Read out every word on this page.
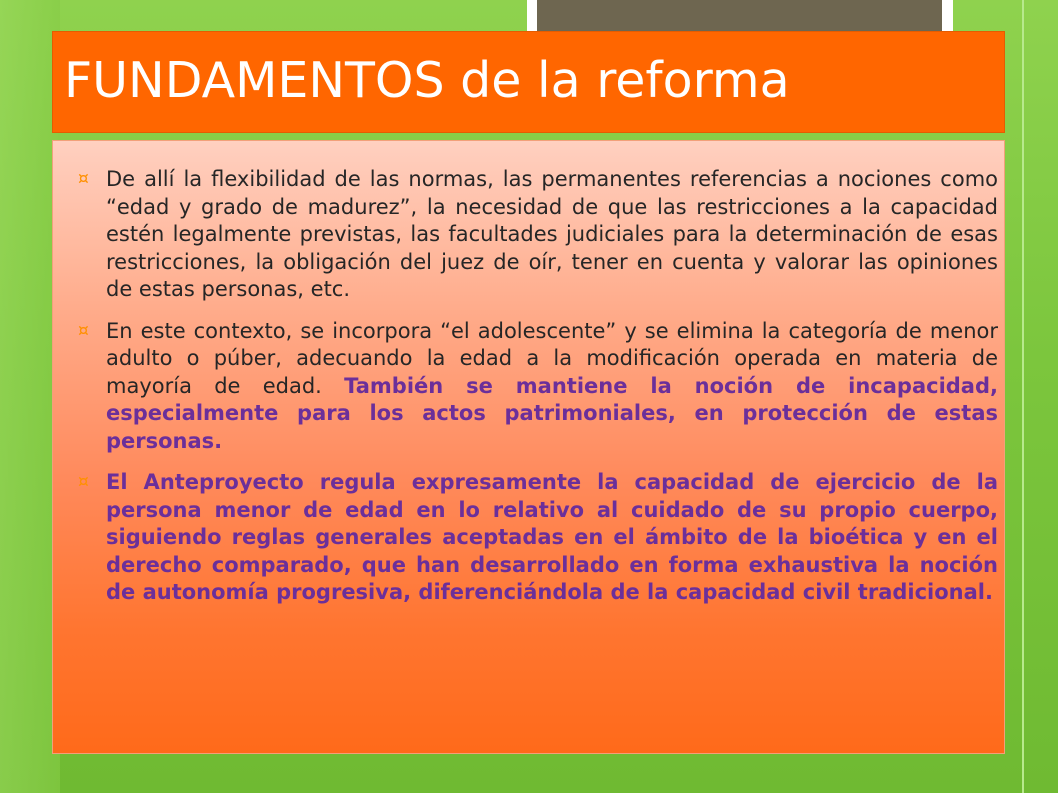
FUNDAMENTOS de la reforma
¤ De allí la flexibilidad de las normas, las permanentes referencias a nociones como “edad y grado de madurez”, la necesidad de que las restricciones a la capacidad estén legalmente previstas, las facultades judiciales para la determinación de esas restricciones, la obligación del juez de oír, tener en cuenta y valorar las opiniones de estas personas, etc.
¤ En este contexto, se incorpora “el adolescente” y se elimina la categoría de menor adulto o púber, adecuando la edad a la modificación operada en materia de mayoría de edad. También se mantiene la noción de incapacidad, especialmente para los actos patrimoniales, en protección de estas personas.
¤ El Anteproyecto regula expresamente la capacidad de ejercicio de la persona menor de edad en lo relativo al cuidado de su propio cuerpo, siguiendo reglas generales aceptadas en el ámbito de la bioética y en el derecho comparado, que han desarrollado en forma exhaustiva la noción de autonomía progresiva, diferenciándola de la capacidad civil tradicional.
